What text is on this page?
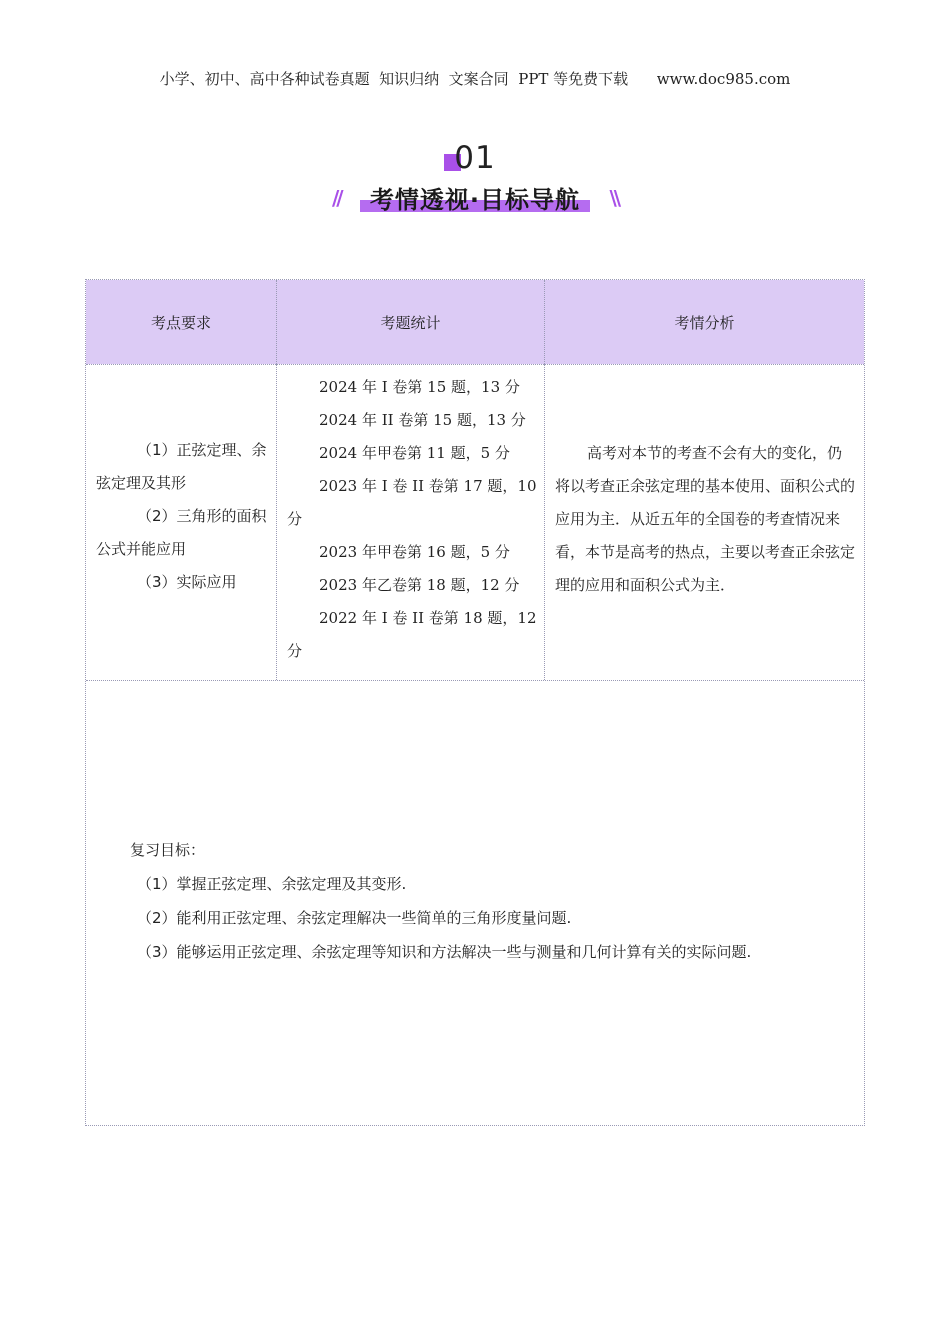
小学、初中、高中各种试卷真题  知识归纳  文案合同  PPT 等免费下载      www.doc985.com
01
// 考情透视·目标导航 \\
考点要求	考题统计	考情分析

（1）正弦定理、余弦定理及其形

（2）三角形的面积公式并能应用

（3）实际应用

2024 年 I 卷第 15 题，13 分

2024 年 II 卷第 15 题，13 分

2024 年甲卷第 11 题，5 分

2023 年 I 卷 II 卷第 17 题，10 分

2023 年甲卷第 16 题，5 分

2023 年乙卷第 18 题，12 分

2022 年 I 卷 II 卷第 18 题，12 分

高考对本节的考查不会有大的变化，仍将以考查正余弦定理的基本使用、面积公式的应用为主．从近五年的全国卷的考查情况来看，本节是高考的热点，主要以考查正余弦定理的应用和面积公式为主．

复习目标：

（1）掌握正弦定理、余弦定理及其变形.

（2）能利用正弦定理、余弦定理解决一些简单的三角形度量问题.

（3）能够运用正弦定理、余弦定理等知识和方法解决一些与测量和几何计算有关的实际问题.
